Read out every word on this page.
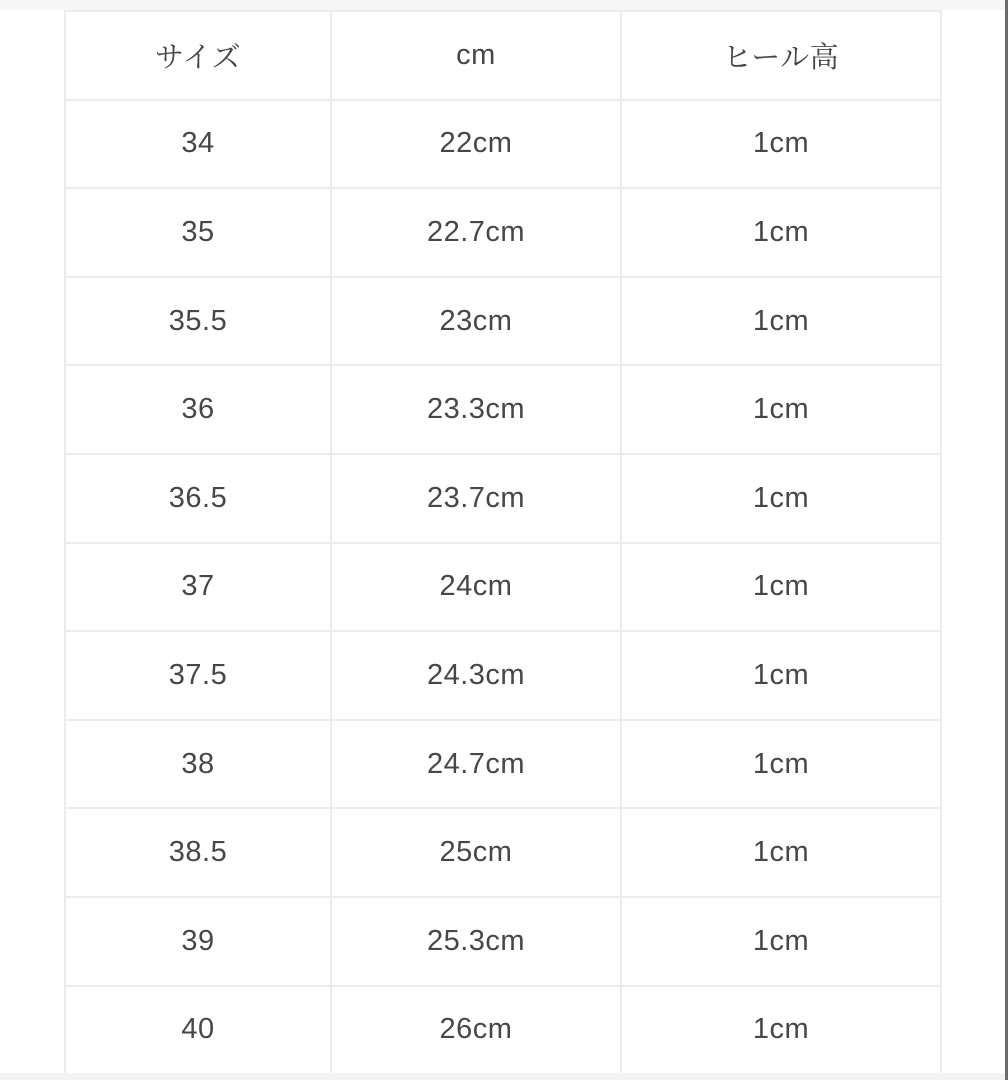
サイズ	cm	ヒール高
34	22cm	1cm
35	22.7cm	1cm
35.5	23cm	1cm
36	23.3cm	1cm
36.5	23.7cm	1cm
37	24cm	1cm
37.5	24.3cm	1cm
38	24.7cm	1cm
38.5	25cm	1cm
39	25.3cm	1cm
40	26cm	1cm
